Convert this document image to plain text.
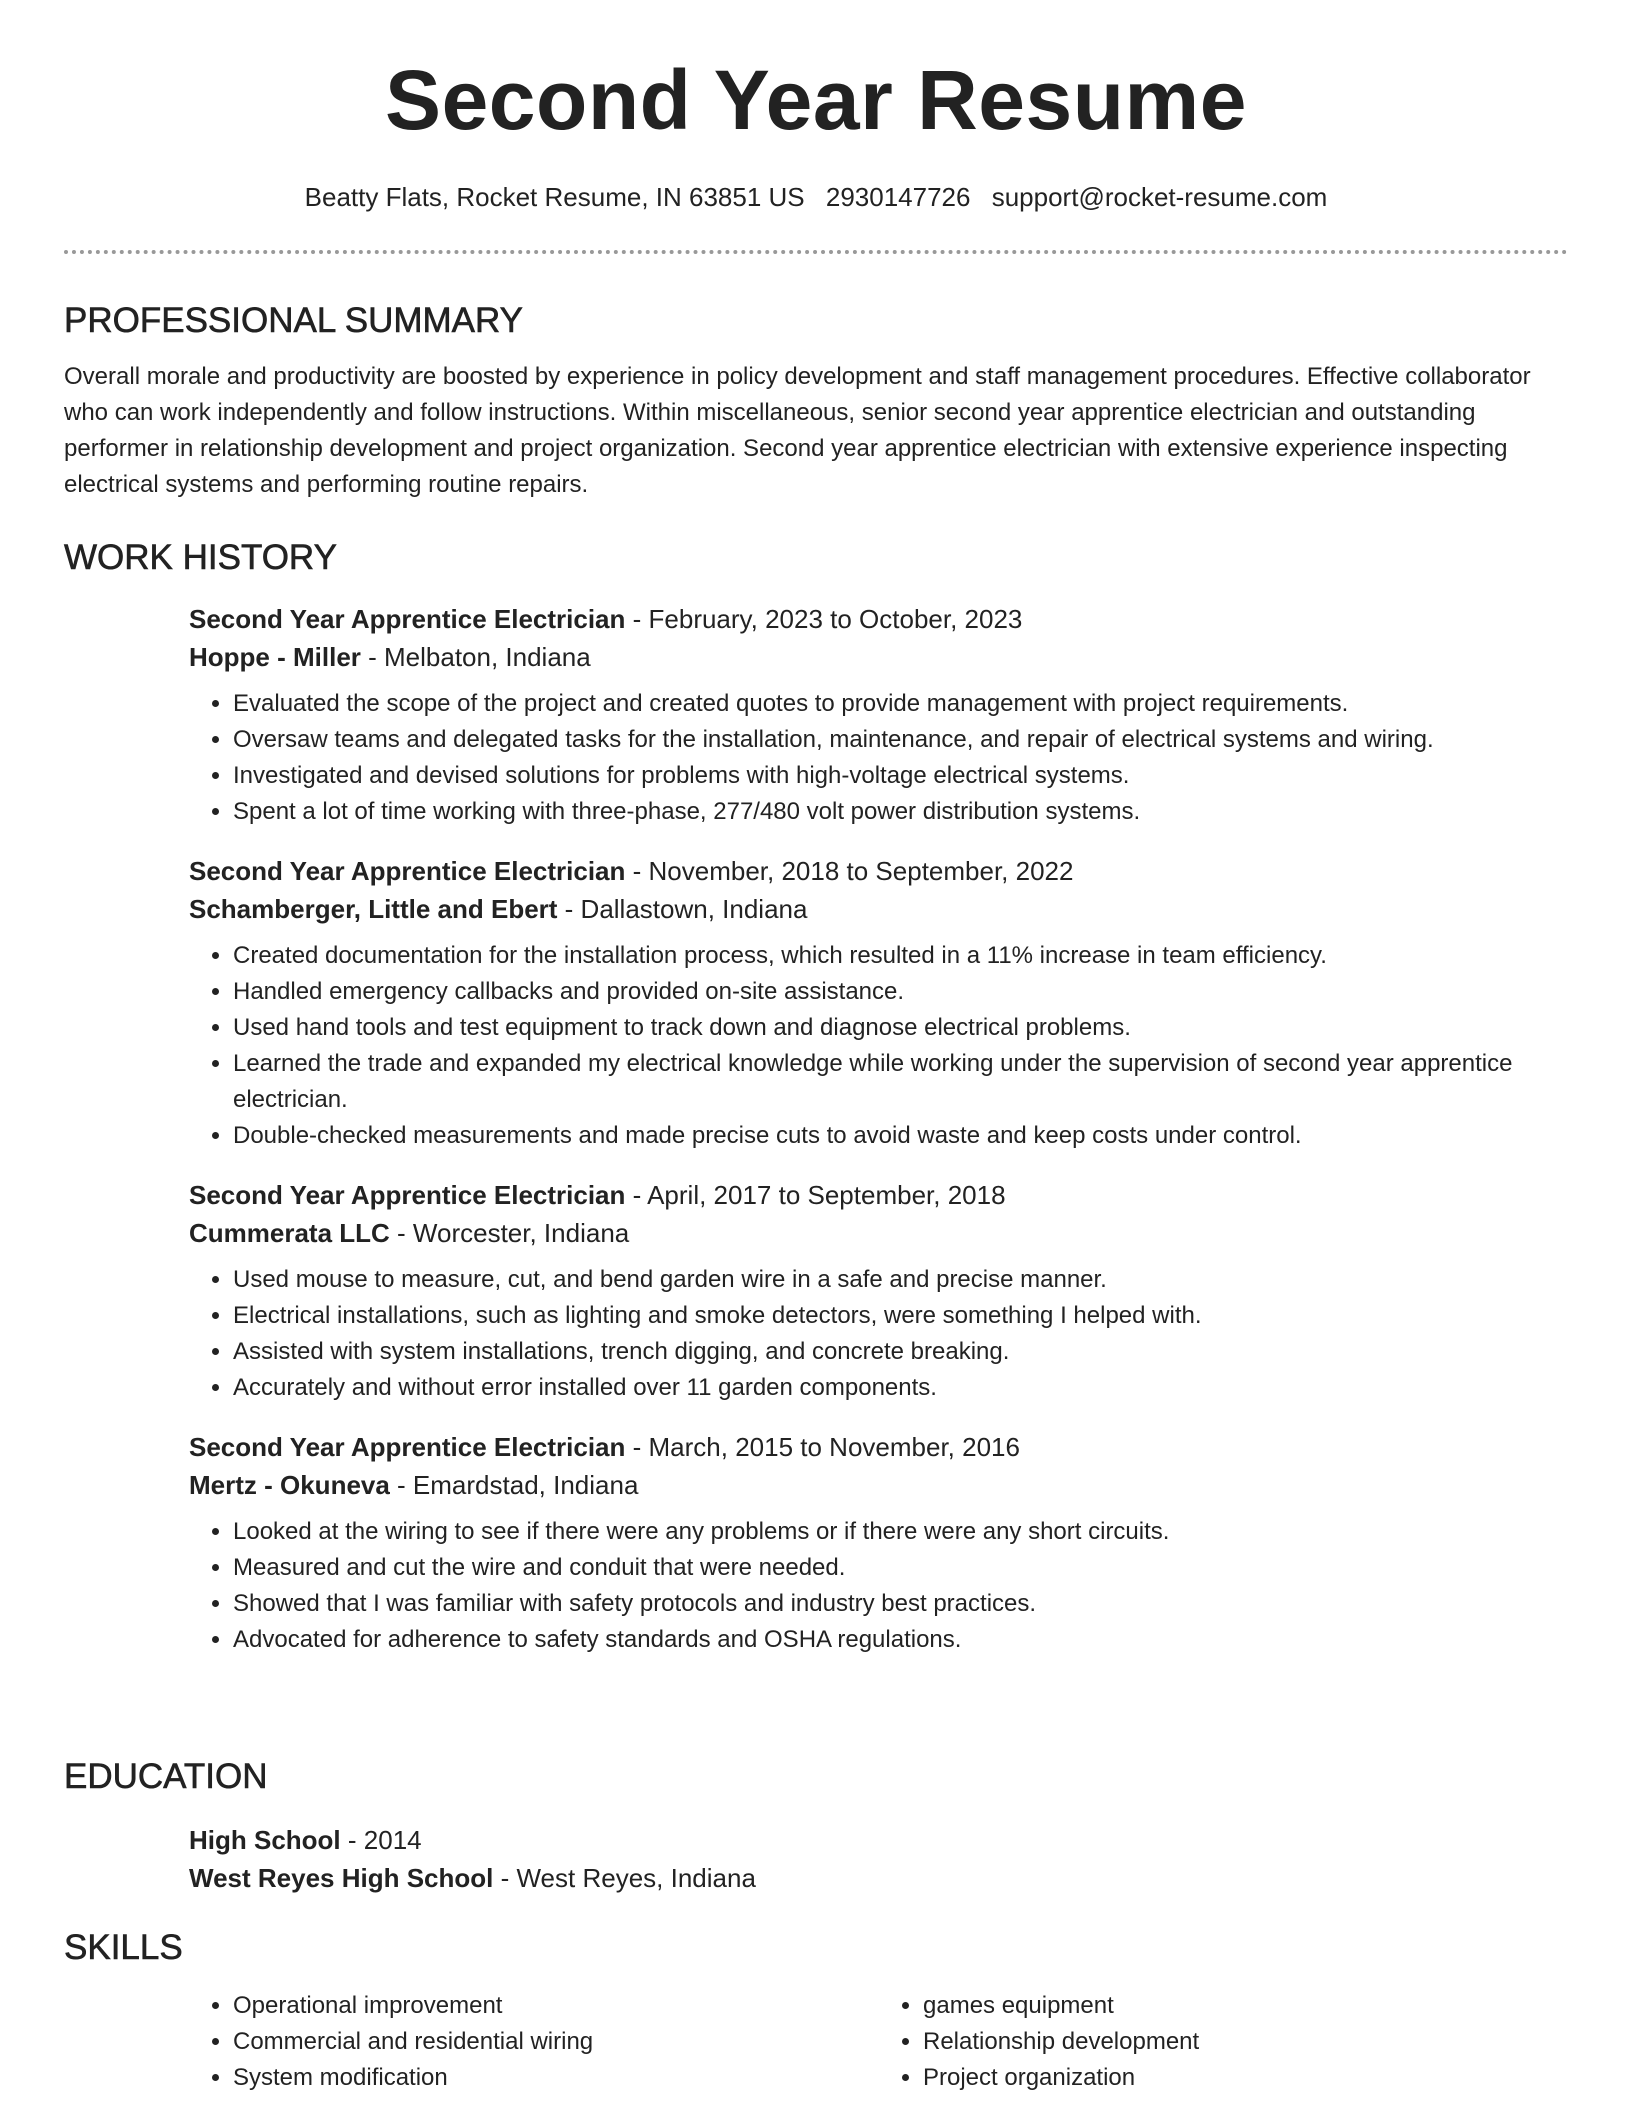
Second Year Resume
Beatty Flats, Rocket Resume, IN 63851 US 2930147726 support@rocket-resume.com
PROFESSIONAL SUMMARY

Overall morale and productivity are boosted by experience in policy development and staff management procedures. Effective collaborator who can work independently and follow instructions. Within miscellaneous, senior second year apprentice electrician and outstanding performer in relationship development and project organization. Second year apprentice electrician with extensive experience inspecting electrical systems and performing routine repairs.

WORK HISTORY
Second Year Apprentice Electrician - February, 2023 to October, 2023
Hoppe - Miller - Melbaton, Indiana
• Evaluated the scope of the project and created quotes to provide management with project requirements.
• Oversaw teams and delegated tasks for the installation, maintenance, and repair of electrical systems and wiring.
• Investigated and devised solutions for problems with high-voltage electrical systems.
• Spent a lot of time working with three-phase, 277/480 volt power distribution systems.
Second Year Apprentice Electrician - November, 2018 to September, 2022
Schamberger, Little and Ebert - Dallastown, Indiana
• Created documentation for the installation process, which resulted in a 11% increase in team efficiency.
• Handled emergency callbacks and provided on-site assistance.
• Used hand tools and test equipment to track down and diagnose electrical problems.
• Learned the trade and expanded my electrical knowledge while working under the supervision of second year apprentice electrician.
• Double-checked measurements and made precise cuts to avoid waste and keep costs under control.
Second Year Apprentice Electrician - April, 2017 to September, 2018
Cummerata LLC - Worcester, Indiana
• Used mouse to measure, cut, and bend garden wire in a safe and precise manner.
• Electrical installations, such as lighting and smoke detectors, were something I helped with.
• Assisted with system installations, trench digging, and concrete breaking.
• Accurately and without error installed over 11 garden components.
Second Year Apprentice Electrician - March, 2015 to November, 2016
Mertz - Okuneva - Emardstad, Indiana
• Looked at the wiring to see if there were any problems or if there were any short circuits.
• Measured and cut the wire and conduit that were needed.
• Showed that I was familiar with safety protocols and industry best practices.
• Advocated for adherence to safety standards and OSHA regulations.
EDUCATION
High School - 2014
West Reyes High School - West Reyes, Indiana
SKILLS
• Operational improvement
• Commercial and residential wiring
• System modification
• games equipment
• Relationship development
• Project organization
